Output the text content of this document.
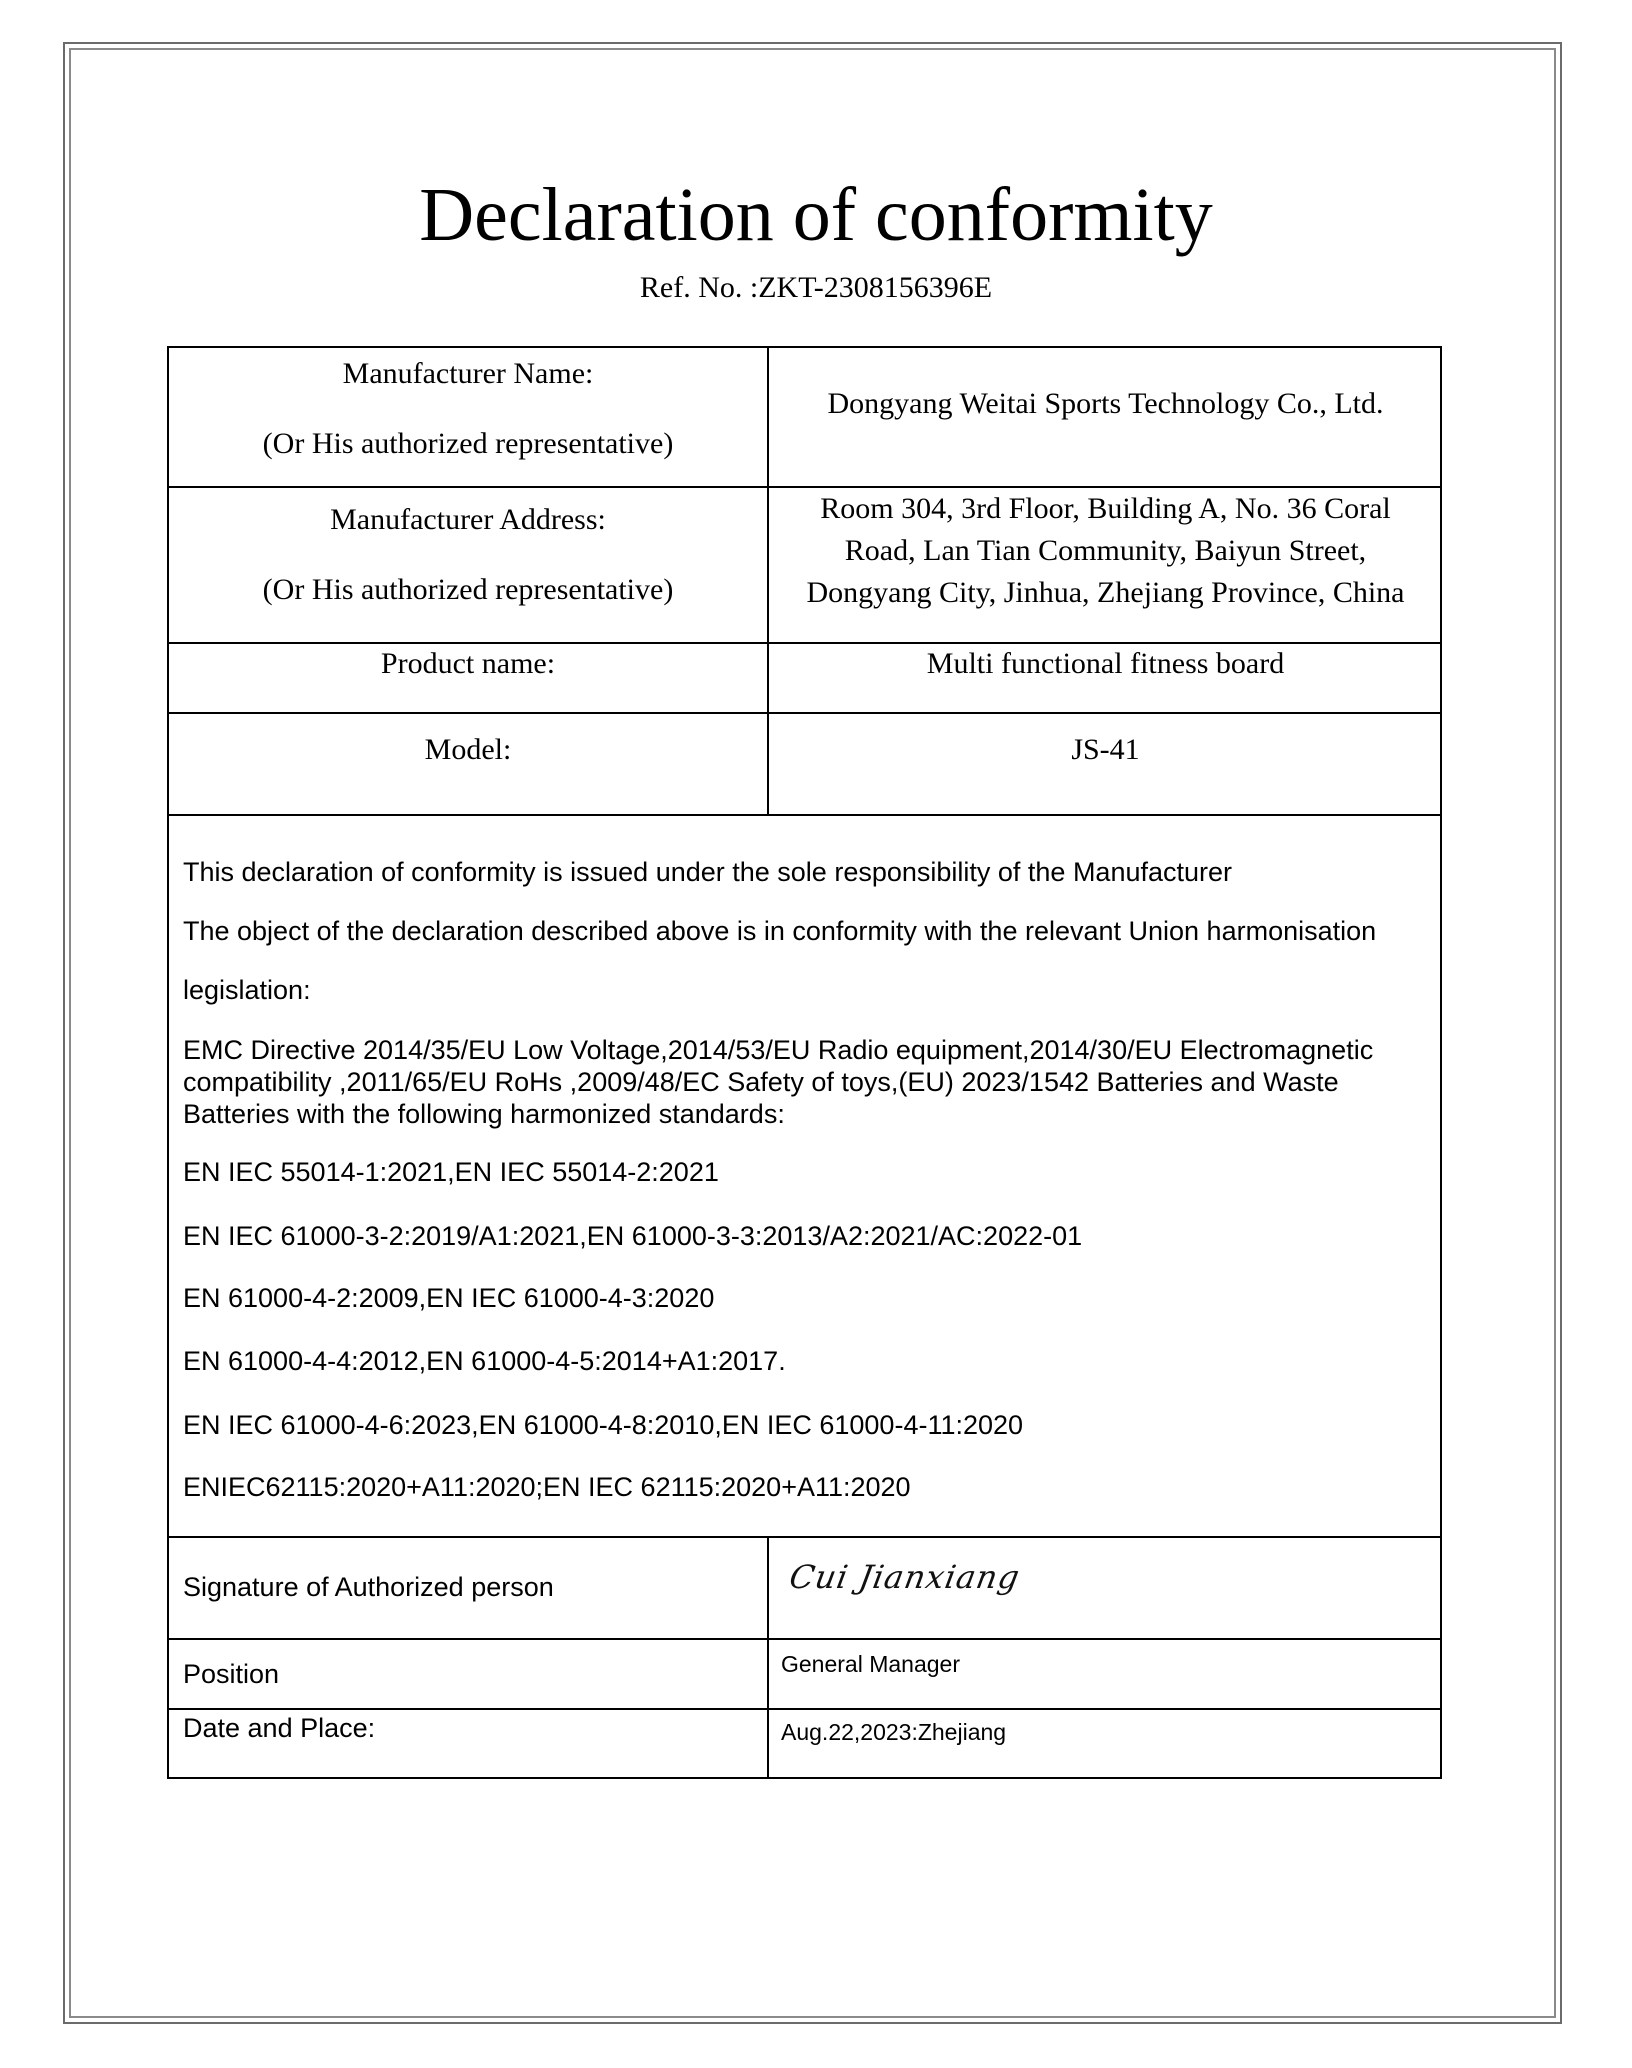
Declaration of conformity
Ref. No. :ZKT-2308156396E
Manufacturer Name:
(Or His authorized representative)
Dongyang Weitai Sports Technology Co., Ltd.
Manufacturer Address:
(Or His authorized representative)
Room 304, 3rd Floor, Building A, No. 36 Coral
Road, Lan Tian Community, Baiyun Street,
Dongyang City, Jinhua, Zhejiang Province, China
Product name:	Multi functional fitness board
Model:	JS-41

This declaration of conformity is issued under the sole responsibility of the Manufacturer

The object of the declaration described above is in conformity with the relevant Union harmonisation

legislation:

EMC Directive 2014/35/EU Low Voltage,2014/53/EU Radio equipment,2014/30/EU Electromagnetic

compatibility ,2011/65/EU RoHs ,2009/48/EC Safety of toys,(EU) 2023/1542 Batteries and Waste

Batteries with the following harmonized standards:

EN IEC 55014-1:2021,EN IEC 55014-2:2021

EN IEC 61000-3-2:2019/A1:2021,EN 61000-3-3:2013/A2:2021/AC:2022-01

EN 61000-4-2:2009,EN IEC 61000-4-3:2020

EN 61000-4-4:2012,EN 61000-4-5:2014+A1:2017.

EN IEC 61000-4-6:2023,EN 61000-4-8:2010,EN IEC 61000-4-11:2020

ENIEC62115:2020+A11:2020;EN IEC 62115:2020+A11:2020

Signature of Authorized person

Position

Date and Place:

General Manager

Aug.22,2023:Zhejiang

Cui Jianxiang
